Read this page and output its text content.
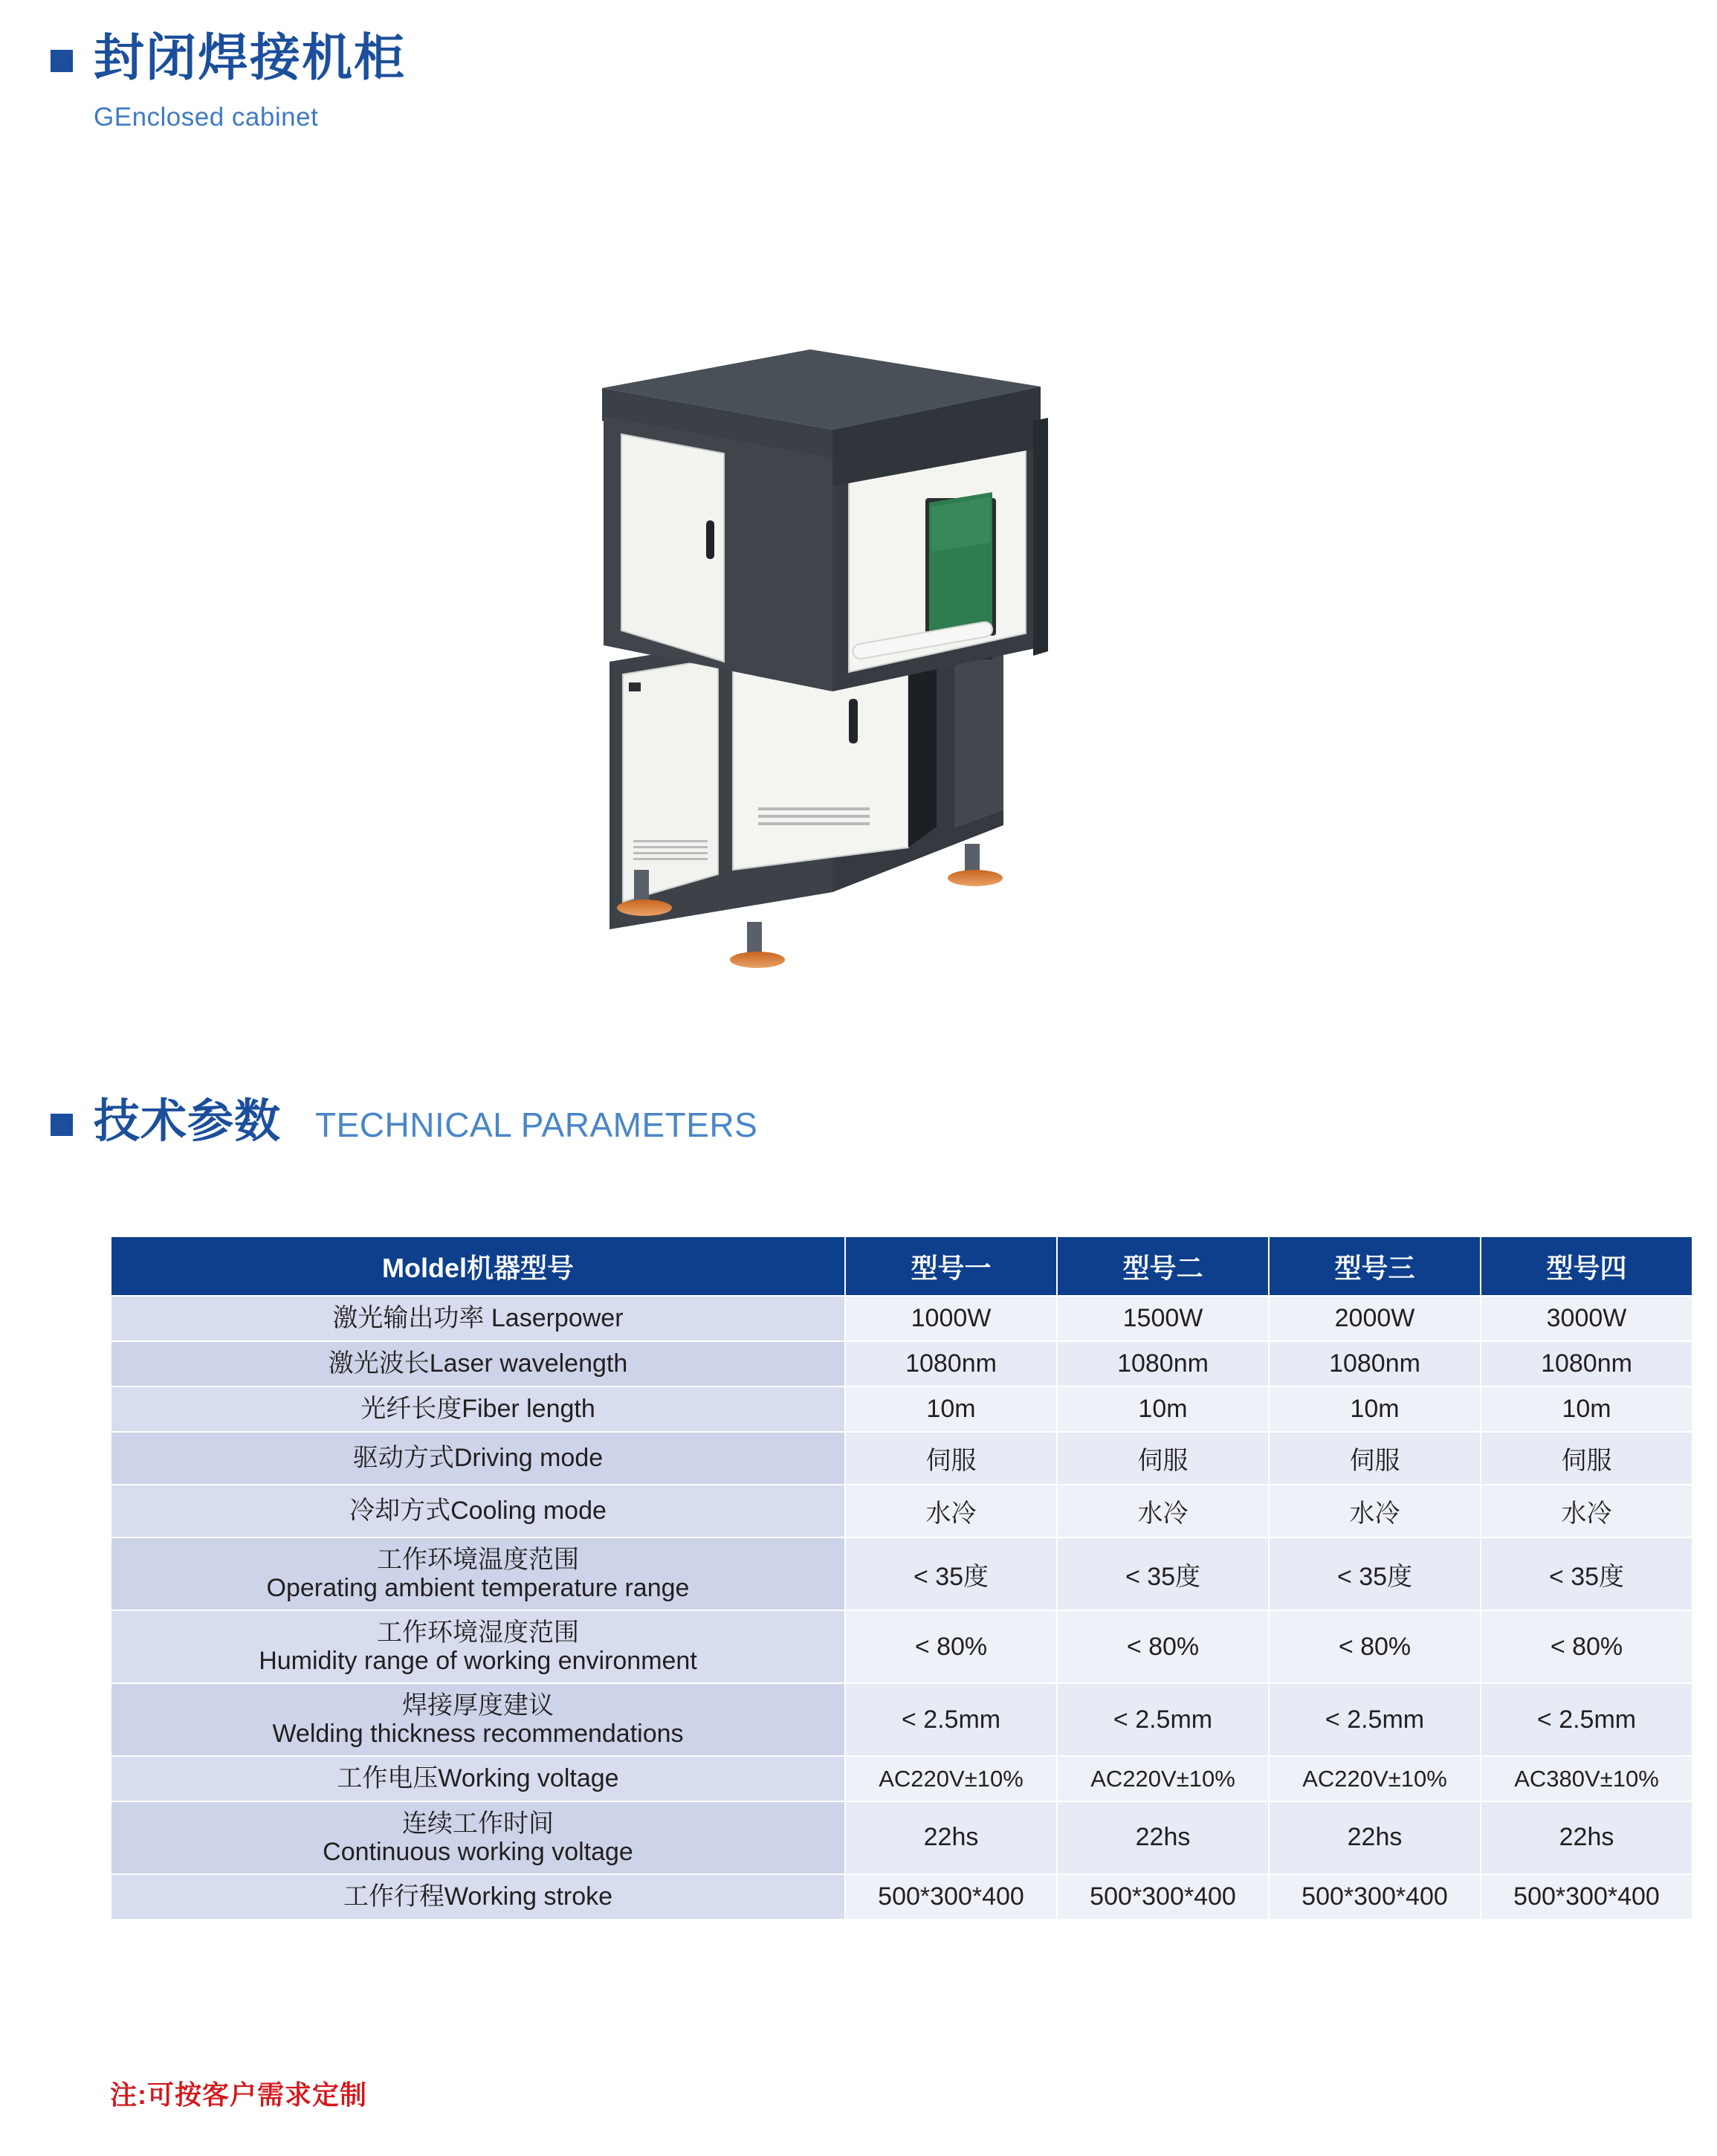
封闭焊接机柜
GEnclosed cabinet
技术参数 TECHNICAL PARAMETERS
Moldel机器型号	型号一	型号二	型号三	型号四

激光输出功率 Laserpower	1000W	1500W	2000W	3000W

激光波长Laser wavelength	1080nm	1080nm	1080nm	1080nm

光纤长度Fiber length	10m	10m	10m	10m

驱动方式Driving mode	伺服	伺服	伺服	伺服

冷却方式Cooling mode	水冷	水冷	水冷	水冷

工作环境温度范围
Operating ambient temperature range	< 35度	< 35度	< 35度	< 35度

工作环境湿度范围
Humidity range of working environment	< 80%	< 80%	< 80%	< 80%

焊接厚度建议
Welding thickness recommendations	< 2.5mm	< 2.5mm	< 2.5mm	< 2.5mm

工作电压Working voltage	AC220V±10%	AC220V±10%	AC220V±10%	AC380V±10%

连续工作时间
Continuous working voltage	22hs	22hs	22hs	22hs

工作行程Working stroke	500*300*400	500*300*400	500*300*400	500*300*400
注:可按客户需求定制
